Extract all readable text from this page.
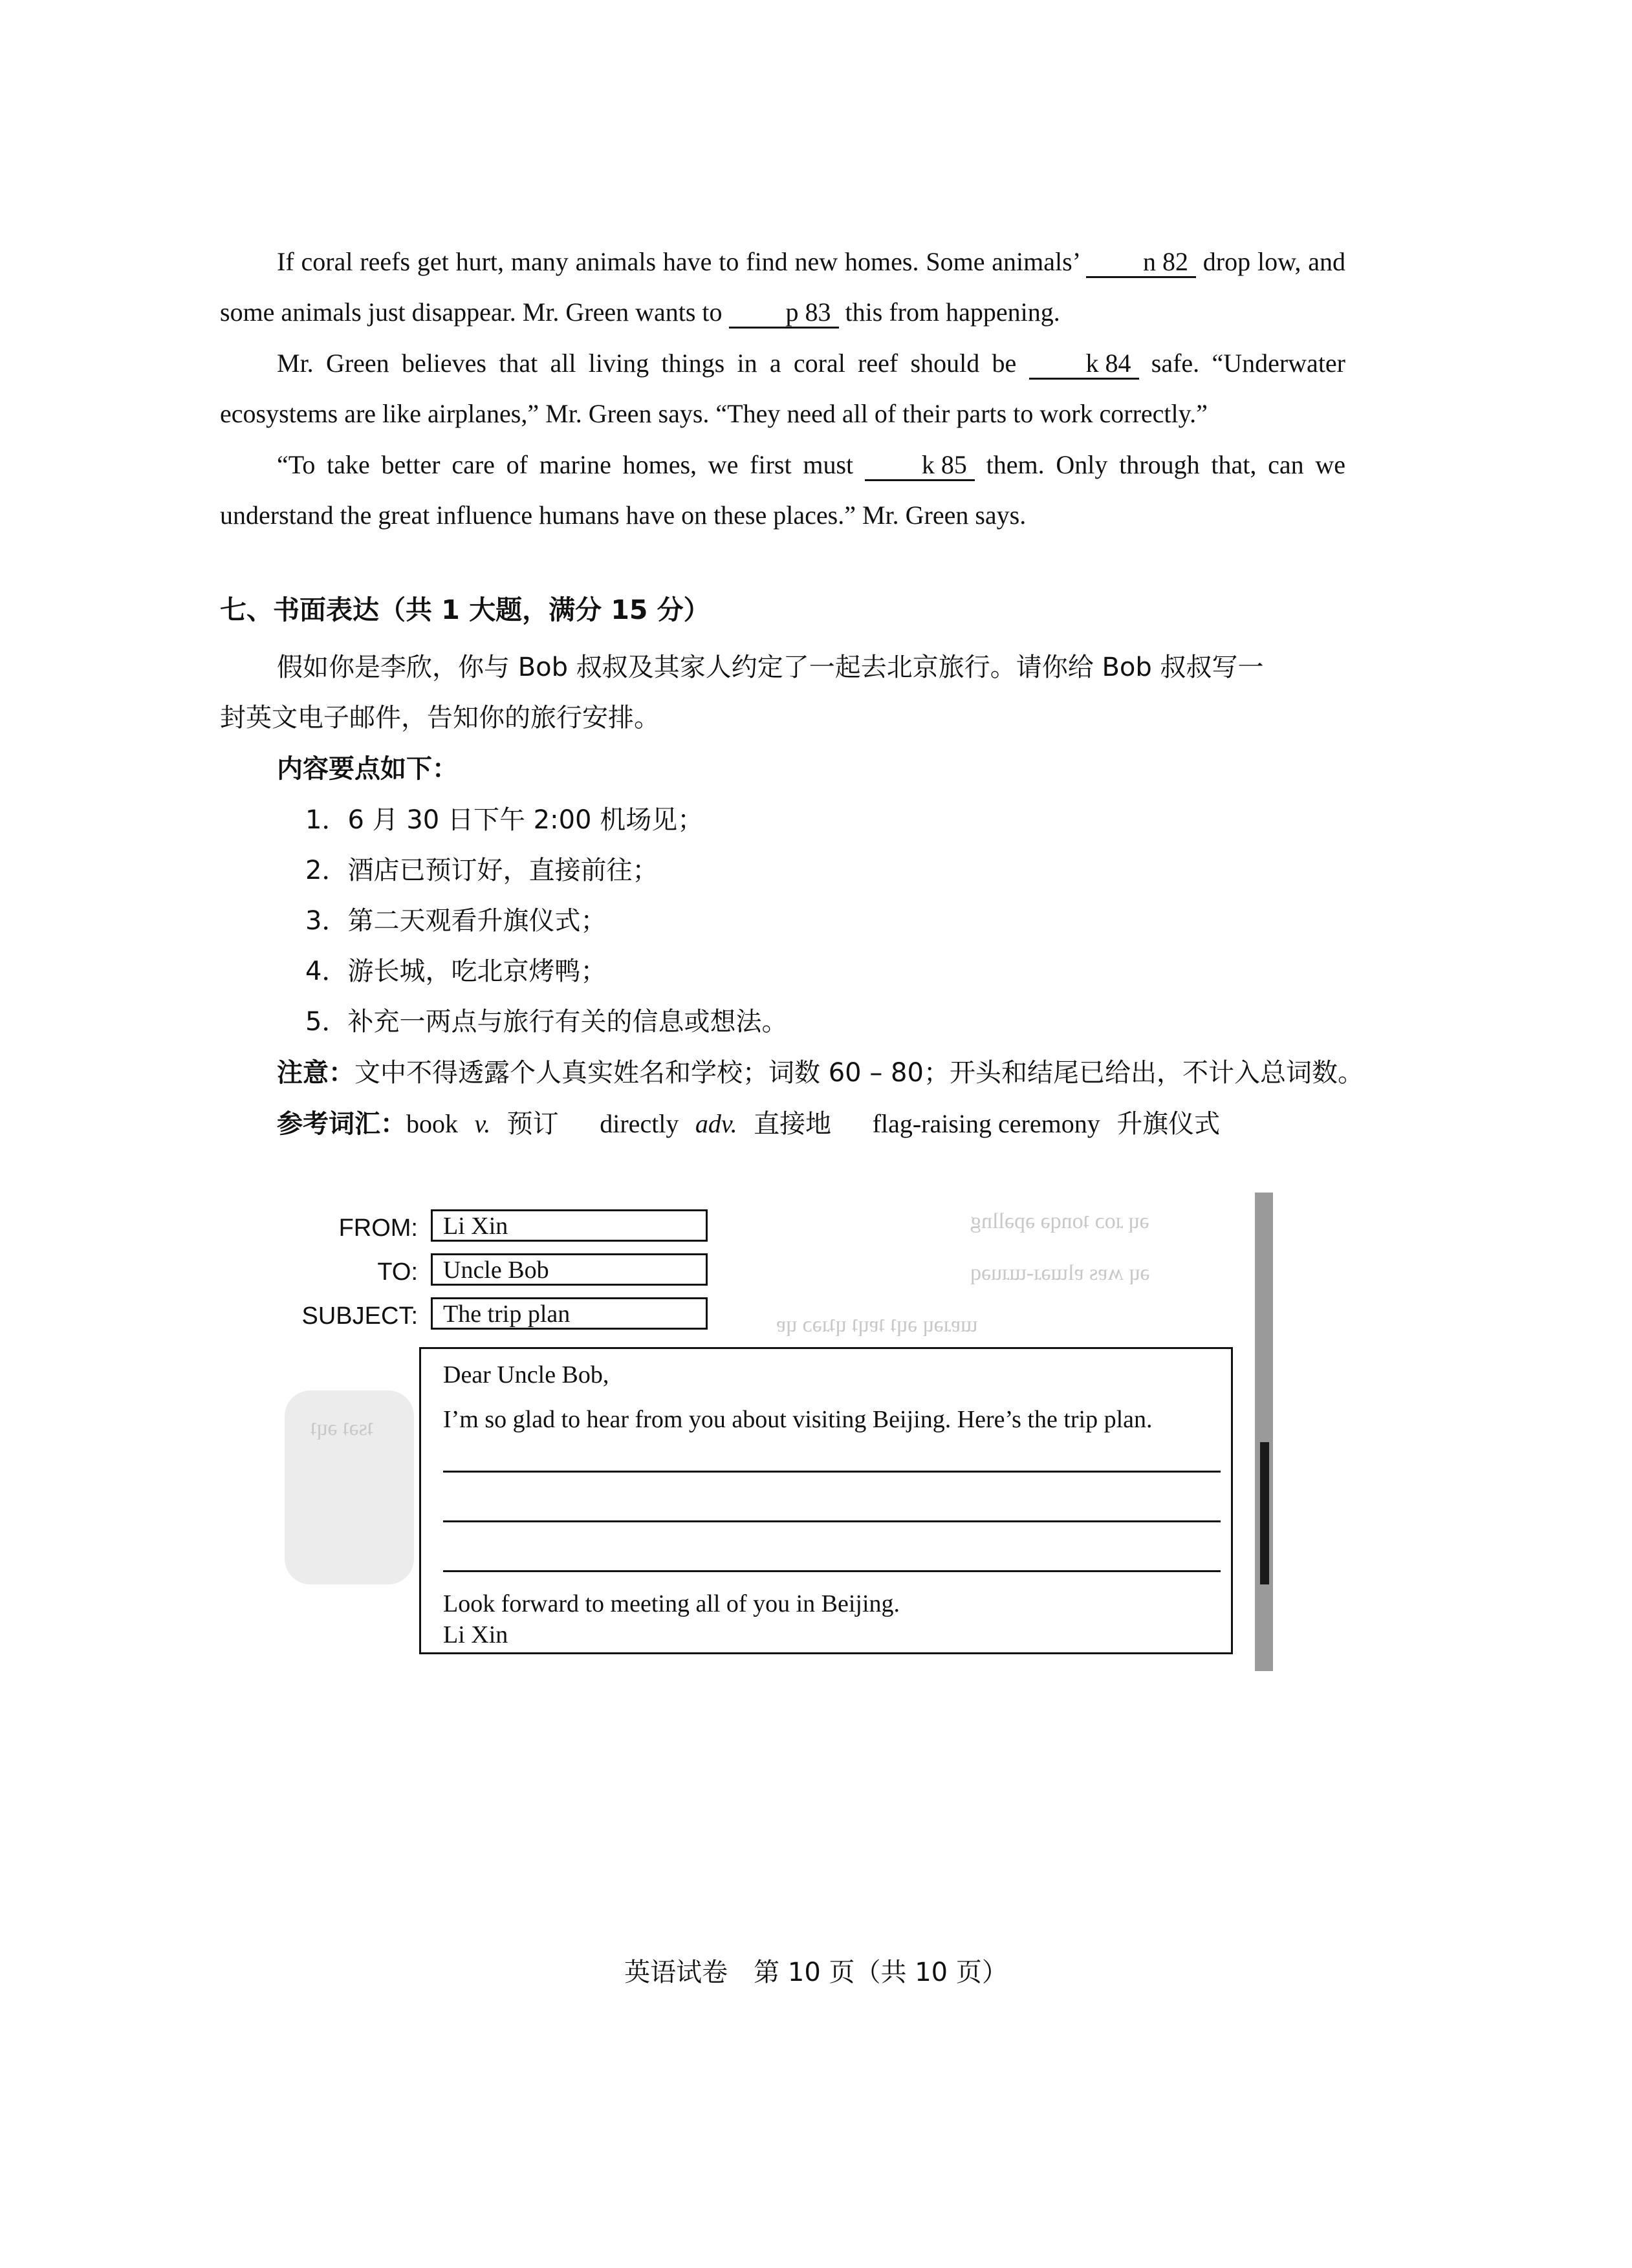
If coral reefs get hurt, many animals have to find new homes. Some animals’ n 82 drop low, and some animals just disappear. Mr. Green wants to p 83 this from happening.

Mr. Green believes that all living things in a coral reef should be k 84 safe. “Underwater ecosystems are like airplanes,” Mr. Green says. “They need all of their parts to work correctly.”

“To take better care of marine homes, we first must k 85 them. Only through that, can we understand the great influence humans have on these places.” Mr. Green says.

七、书面表达（共 1 大题，满分 15 分）
假如你是李欣，你与 Bob 叔叔及其家人约定了一起去北京旅行。请你给 Bob 叔叔写一
封英文电子邮件，告知你的旅行安排。
内容要点如下：
1．6 月 30 日下午 2:00 机场见；
2．酒店已预订好，直接前往；
3．第二天观看升旗仪式；
4．游长城，吃北京烤鸭；
5．补充一两点与旅行有关的信息或想法。
注意：文中不得透露个人真实姓名和学校；词数 60 – 80；开头和结尾已给出，不计入总词数。
参考词汇：book v. 预订 directly adv. 直接地 flag-raising ceremony 升旗仪式
ǝɥ ɹoɔ ʇonqǝ ǝpǝllng
ǝɥ ʍɐs ɐlɯǝɹ-ɯɹuǝq
ɯɐɹǝɥ ǝɥʇ ʇɐɥʇ ɥʇɹǝɔ ɥɐ
ʇsǝʇ ǝɥʇ
FROM:	Li Xin
TO:	Uncle Bob
SUBJECT:	The trip plan
Dear Uncle Bob,
I’m so glad to hear from you about visiting Beijing. Here’s the trip plan.
Look forward to meeting all of you in Beijing.
Li Xin
英语试卷　第 10 页（共 10 页）
